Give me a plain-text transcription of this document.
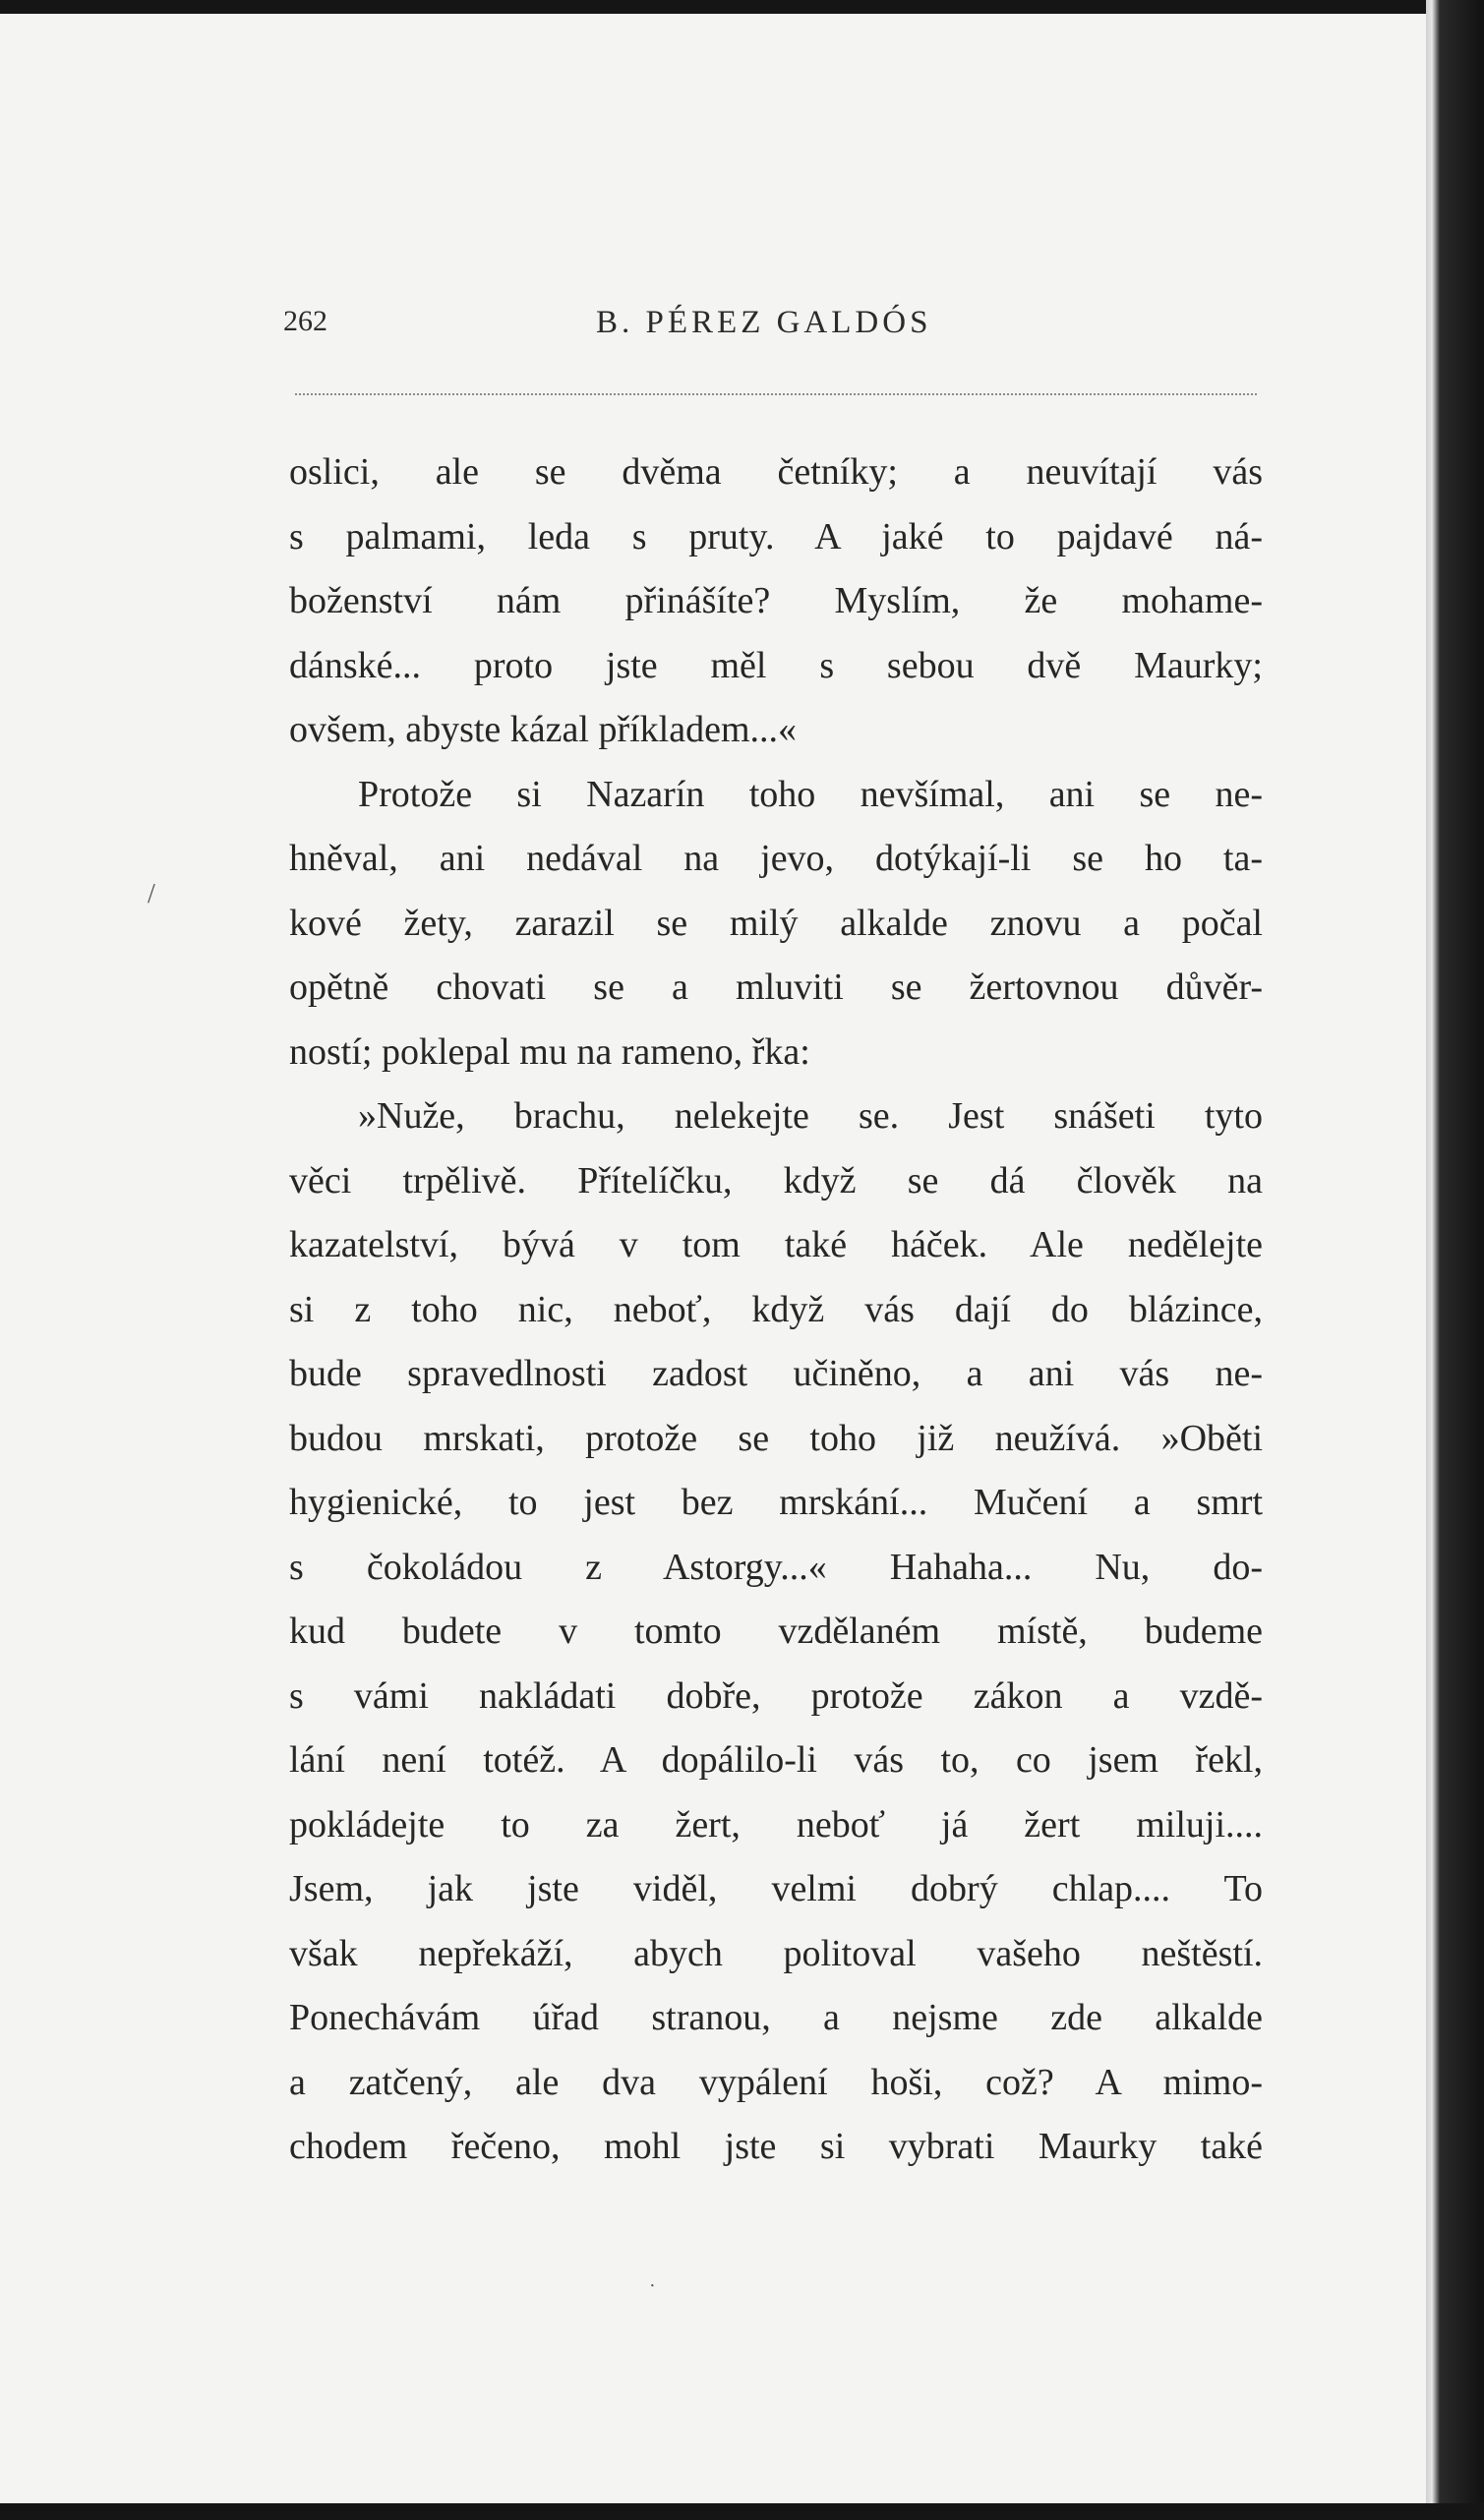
262	B. PÉREZ GALDÓS
oslici, ale se dvěma četníky; a neuvítají vás
s palmami, leda s pruty. A jaké to pajdavé ná-
boženství nám přinášíte? Myslím, že mohame-
dánské... proto jste měl s sebou dvě Maurky;
ovšem, abyste kázal příkladem...«
Protože si Nazarín toho nevšímal, ani se ne-
hněval, ani nedával na jevo, dotýkají-li se ho ta-
kové žety, zarazil se milý alkalde znovu a počal
opětně chovati se a mluviti se žertovnou důvěr-
ností; poklepal mu na rameno, řka:
»Nuže, brachu, nelekejte se. Jest snášeti tyto
věci trpělivě. Přítelíčku, když se dá člověk na
kazatelství, bývá v tom také háček. Ale nedělejte
si z toho nic, neboť, když vás dají do blázince,
bude spravedlnosti zadost učiněno, a ani vás ne-
budou mrskati, protože se toho již neužívá. »Oběti
hygienické, to jest bez mrskání... Mučení a smrt
s čokoládou z Astorgy...« Hahaha... Nu, do-
kud budete v tomto vzdělaném místě, budeme
s vámi nakládati dobře, protože zákon a vzdě-
lání není totéž. A dopálilo-li vás to, co jsem řekl,
pokládejte to za žert, neboť já žert miluji....
Jsem, jak jste viděl, velmi dobrý chlap.... To
však nepřekáží, abych politoval vašeho neštěstí.
Ponechávám úřad stranou, a nejsme zde alkalde
a zatčený, ale dva vypálení hoši, což? A mimo-
chodem řečeno, mohl jste si vybrati Maurky také
/
·
